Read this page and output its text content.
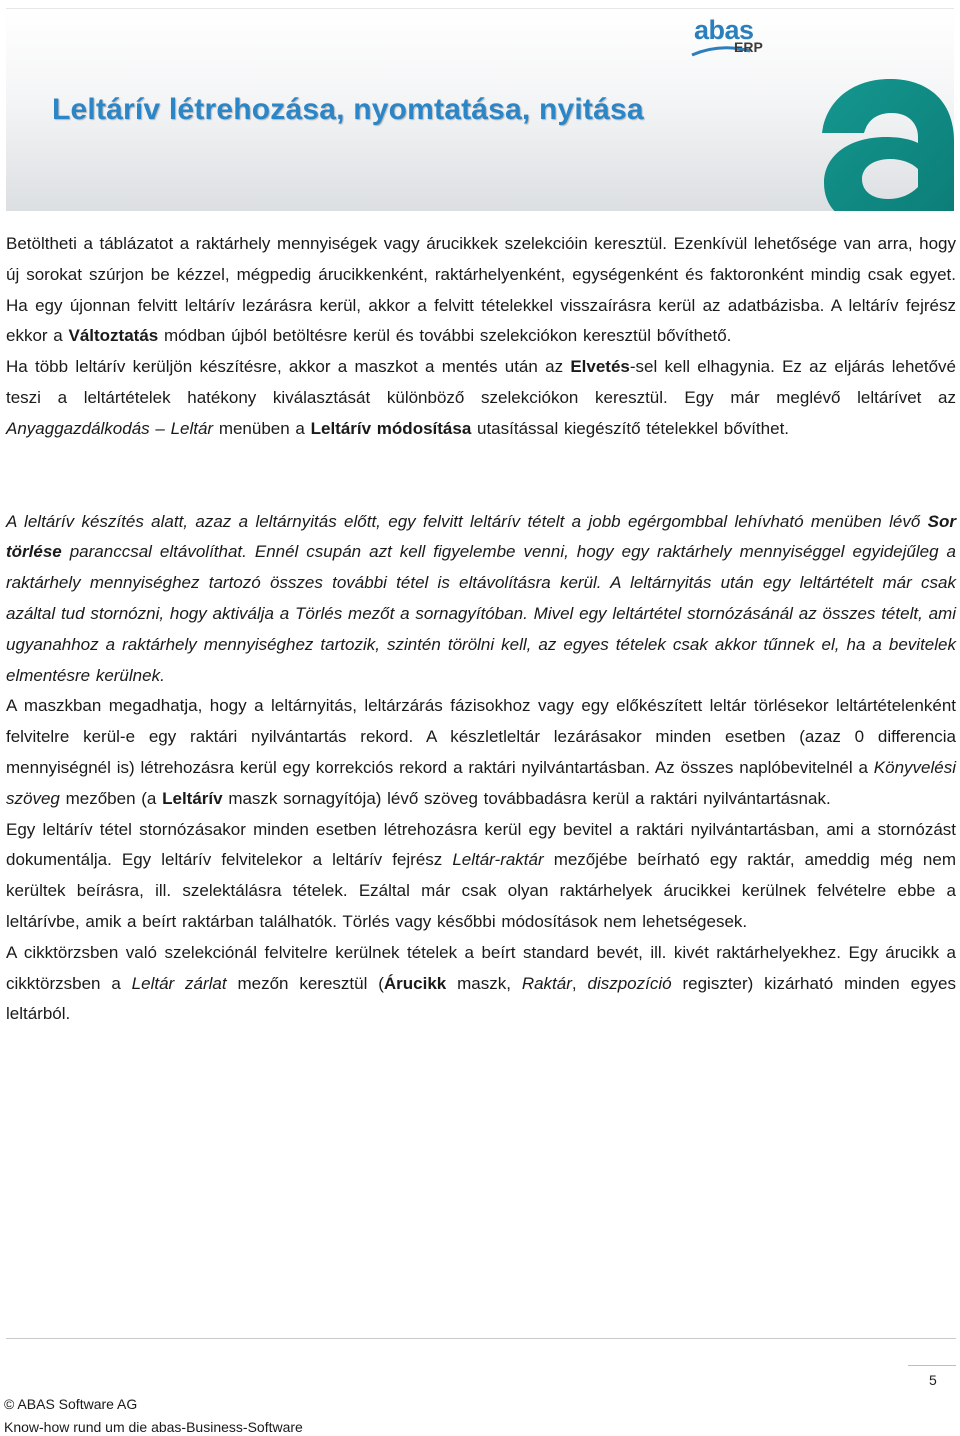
abas
ERP
Leltárív létrehozása, nyomtatása, nyitása

Betöltheti a táblázatot a raktárhely mennyiségek vagy árucikkek szelekcióin keresztül. Ezenkívül lehetősége van arra, hogy új sorokat szúrjon be kézzel, mégpedig árucikkenként, raktárhelyenként, egységenként és faktoronként mindig csak egyet. Ha egy újonnan felvitt leltárív lezárásra kerül, akkor a felvitt tételekkel visszaírásra kerül az adatbázisba. A leltárív fejrész ekkor a Változtatás módban újból betöltésre kerül és további szelekciókon keresztül bővíthető.

Ha több leltárív kerüljön készítésre, akkor a maszkot a mentés után az Elvetés-sel kell elhagynia. Ez az eljárás lehetővé teszi a leltártételek hatékony kiválasztását különböző szelekciókon keresztül. Egy már meglévő leltárívet az Anyaggazdálkodás – Leltár menüben a Leltárív módosítása utasítással kiegészítő tételekkel bővíthet.

A leltárív készítés alatt, azaz a leltárnyitás előtt, egy felvitt leltárív tételt a jobb egérgombbal lehívható menüben lévő Sor törlése paranccsal eltávolíthat. Ennél csupán azt kell figyelembe venni, hogy egy raktárhely mennyiséggel egyidejűleg a raktárhely mennyiséghez tartozó összes további tétel is eltávolításra kerül. A leltárnyitás után egy leltártételt már csak azáltal tud stornózni, hogy aktiválja a Törlés mezőt a sornagyítóban. Mivel egy leltártétel stornózásánál az összes tételt, ami ugyanahhoz a raktárhely mennyiséghez tartozik, szintén törölni kell, az egyes tételek csak akkor tűnnek el, ha a bevitelek elmentésre kerülnek.

A maszkban megadhatja, hogy a leltárnyitás, leltárzárás fázisokhoz vagy egy előkészített leltár törlésekor leltártételenként felvitelre kerül-e egy raktári nyilvántartás rekord. A készletleltár lezárásakor minden esetben (azaz 0 differencia mennyiségnél is) létrehozásra kerül egy korrekciós rekord a raktári nyilvántartásban. Az összes naplóbevitelnél a Könyvelési szöveg mezőben (a Leltárív maszk sornagyítója) lévő szöveg továbbadásra kerül a raktári nyilvántartásnak.

Egy leltárív tétel stornózásakor minden esetben létrehozásra kerül egy bevitel a raktári nyilvántartásban, ami a stornózást dokumentálja. Egy leltárív felvitelekor a leltárív fejrész Leltár-raktár mezőjébe beírható egy raktár, ameddig még nem kerültek beírásra, ill. szelektálásra tételek. Ezáltal már csak olyan raktárhelyek árucikkei kerülnek felvételre ebbe a leltárívbe, amik a beírt raktárban találhatók. Törlés vagy későbbi módosítások nem lehetségesek.

A cikktörzsben való szelekciónál felvitelre kerülnek tételek a beírt standard bevét, ill. kivét raktárhelyekhez. Egy árucikk a cikktörzsben a Leltár zárlat mezőn keresztül (Árucikk maszk, Raktár, diszpozíció regiszter) kizárható minden egyes leltárból.

5
© ABAS Software AG
Know-how rund um die abas-Business-Software
